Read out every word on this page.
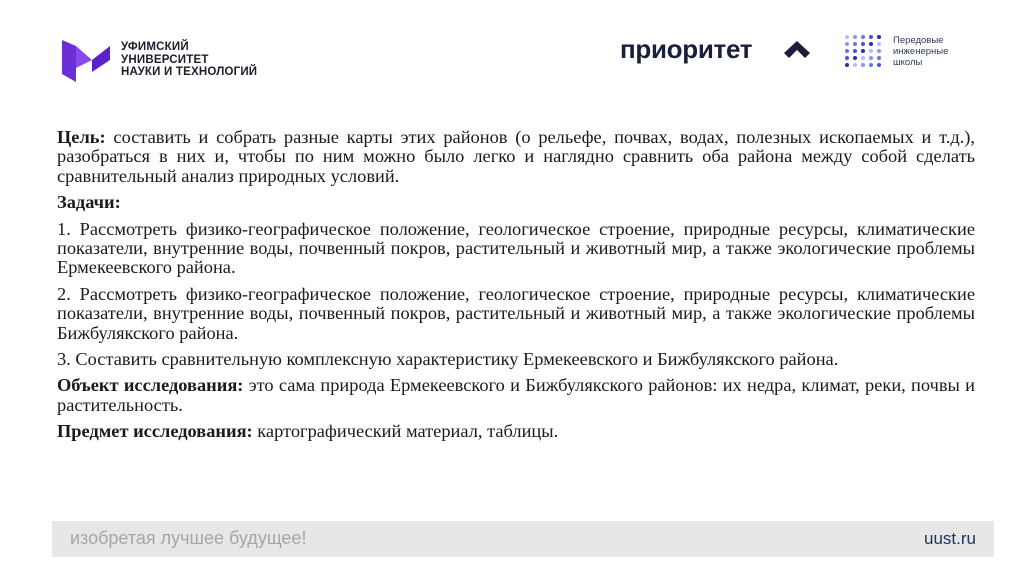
УФИМСКИЙ
УНИВЕРСИТЕТ
НАУКИ И ТЕХНОЛОГИЙ
приоритет	Передовые
инженерные
школы

Цель: составить и собрать разные карты этих районов (о рельефе, почвах, водах, полезных ископаемых и т.д.), разобраться в них и, чтобы по ним можно было легко и наглядно сравнить оба района между собой сделать сравнительный анализ природных условий.

Задачи:

1. Рассмотреть физико-географическое положение, геологическое строение, природные ресурсы, климатические показатели, внутренние воды, почвенный покров, растительный и животный мир, а также экологические проблемы Ермекеевского района.

2. Рассмотреть физико-географическое положение, геологическое строение, природные ресурсы, климатические показатели, внутренние воды, почвенный покров, растительный и животный мир, а также экологические проблемы Бижбулякского района.

3. Составить сравнительную комплексную характеристику Ермекеевского и Бижбулякского района.

Объект исследования: это сама природа Ермекеевского и Бижбулякского районов: их недра, климат, реки, почвы и растительность.

Предмет исследования: картографический материал, таблицы.

изобретая лучшее будущее!	uust.ru
